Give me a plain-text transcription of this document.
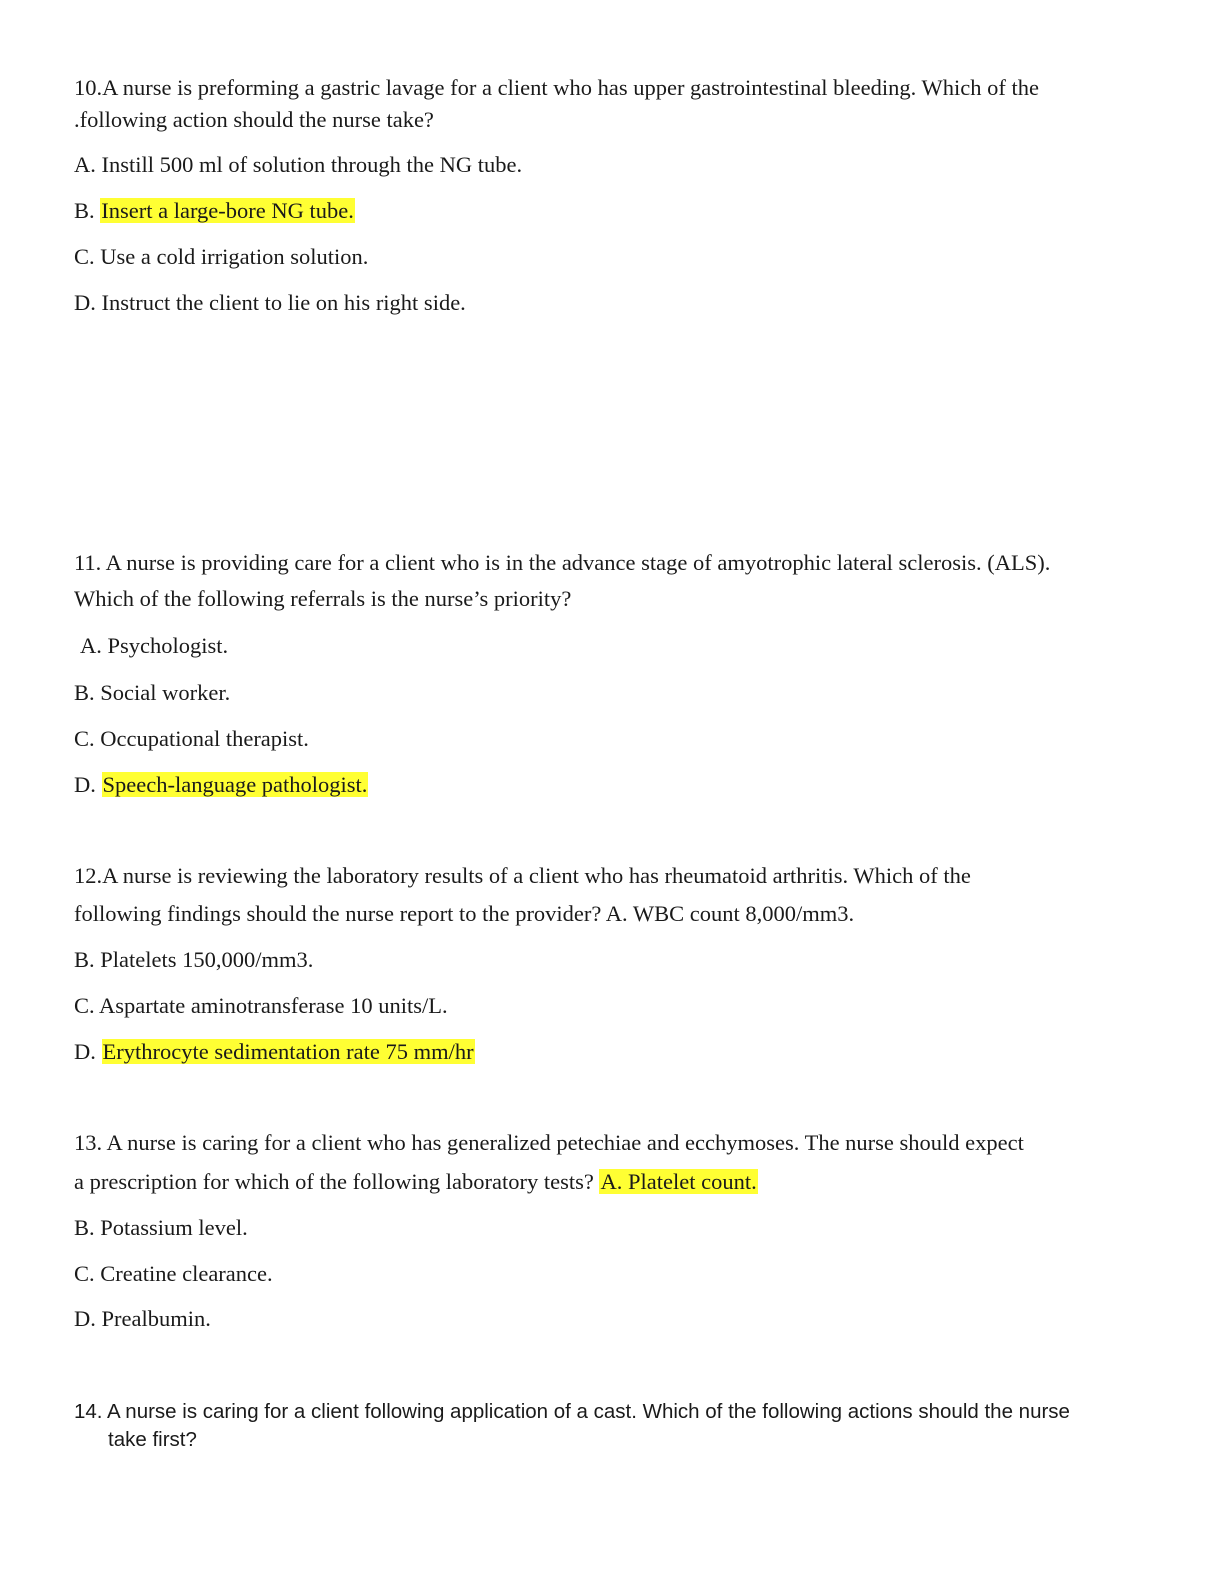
10.A nurse is preforming a gastric lavage for a client who has upper gastrointestinal bleeding. Which of the
.following action should the nurse take?
A. Instill 500 ml of solution through the NG tube.
B. Insert a large-bore NG tube.
C. Use a cold irrigation solution.
D. Instruct the client to lie on his right side.
11. A nurse is providing care for a client who is in the advance stage of amyotrophic lateral sclerosis. (ALS).
Which of the following referrals is the nurse’s priority?
A. Psychologist.
B. Social worker.
C. Occupational therapist.
D. Speech-language pathologist.
12.A nurse is reviewing the laboratory results of a client who has rheumatoid arthritis. Which of the
following findings should the nurse report to the provider? A. WBC count 8,000/mm3.
B. Platelets 150,000/mm3.
C. Aspartate aminotransferase 10 units/L.
D. Erythrocyte sedimentation rate 75 mm/hr
13. A nurse is caring for a client who has generalized petechiae and ecchymoses. The nurse should expect
a prescription for which of the following laboratory tests? A. Platelet count.
B. Potassium level.
C. Creatine clearance.
D. Prealbumin.
14. A nurse is caring for a client following application of a cast. Which of the following actions should the nurse
take first?
